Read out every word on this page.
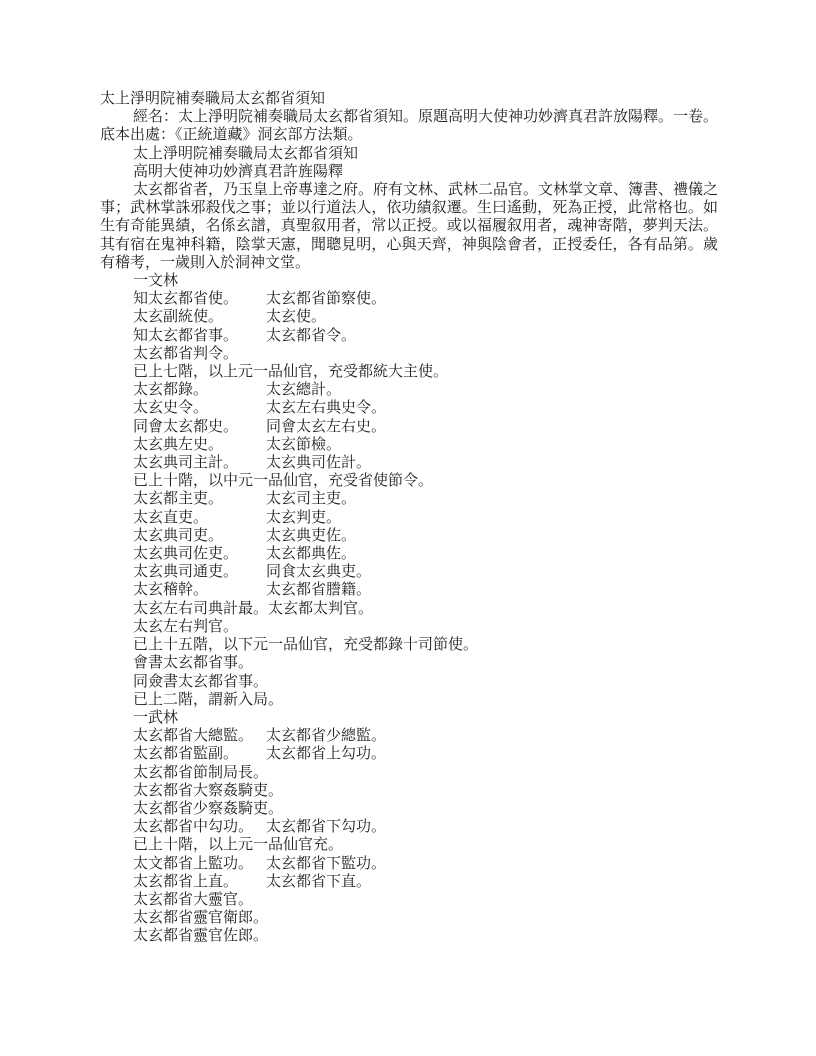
太上淨明院補奏職局太玄都省須知

經名：太上淨明院補奏職局太玄都省須知。原題高明大使神功妙濟真君許放陽釋。一卷。底本出處：《正統道藏》洞玄部方法類。

太上淨明院補奏職局太玄都省須知
高明大使神功妙濟真君許旌陽釋

太玄都省者，乃玉皇上帝專達之府。府有文林、武林二品官。文林掌文章、簿書、禮儀之事；武林掌誅邪殺伐之事；並以行道法人，依功績叙遷。生曰遙動，死為正授，此常格也。如生有奇能異績，名係玄譜，真聖叙用者，常以正授。或以福履叙用者，魂神寄階，夢判天法。其有宿在鬼神科籍，陰掌天憲，聞聰見明，心與天齊，神與陰會者，正授委任，各有品第。歲有稽考，一歲則入於洞神文堂。

一文林
知太玄都省使。 太玄都省節察使。
太玄副統使。	太玄使。
知太玄都省事。 太玄都省令。
太玄都省判令。
已上七階，以上元一品仙官，充受都統大主使。
太玄都錄。	太玄總計。
太玄史令。	太玄左右典史令。
同會太玄都史。 同會太玄左右史。
太玄典左史。	太玄節檢。
太玄典司主計。 太玄典司佐計。
已上十階，以中元一品仙官，充受省使節令。
太玄都主吏。	太玄司主吏。
太玄直吏。	太玄判吏。
太玄典司吏。	太玄典吏佐。
太玄典司佐吏。 太玄都典佐。
太玄典司通吏。 同食太玄典吏。
太玄稽幹。	太玄都省謄籍。
太玄左右司典計最。太玄都太判官。
太玄左右判官。
已上十五階，以下元一品仙官，充受都錄十司節使。
會書太玄都省事。
同僉書太玄都省事。
已上二階，謂新入局。
一武林
太玄都省大總監。 太玄都省少總監。
太玄都省監副。 太玄都省上勾功。
太玄都省節制局長。
太玄都省大察姦騎吏。
太玄都省少察姦騎吏。
太玄都省中勾功。 太玄都省下勾功。
已上十階，以上元一品仙官充。
太文都省上監功。 太玄都省下監功。
太玄都省上直。 太玄都省下直。
太玄都省大靈官。
太玄都省靈官衛郎。
太玄都省靈官佐郎。
